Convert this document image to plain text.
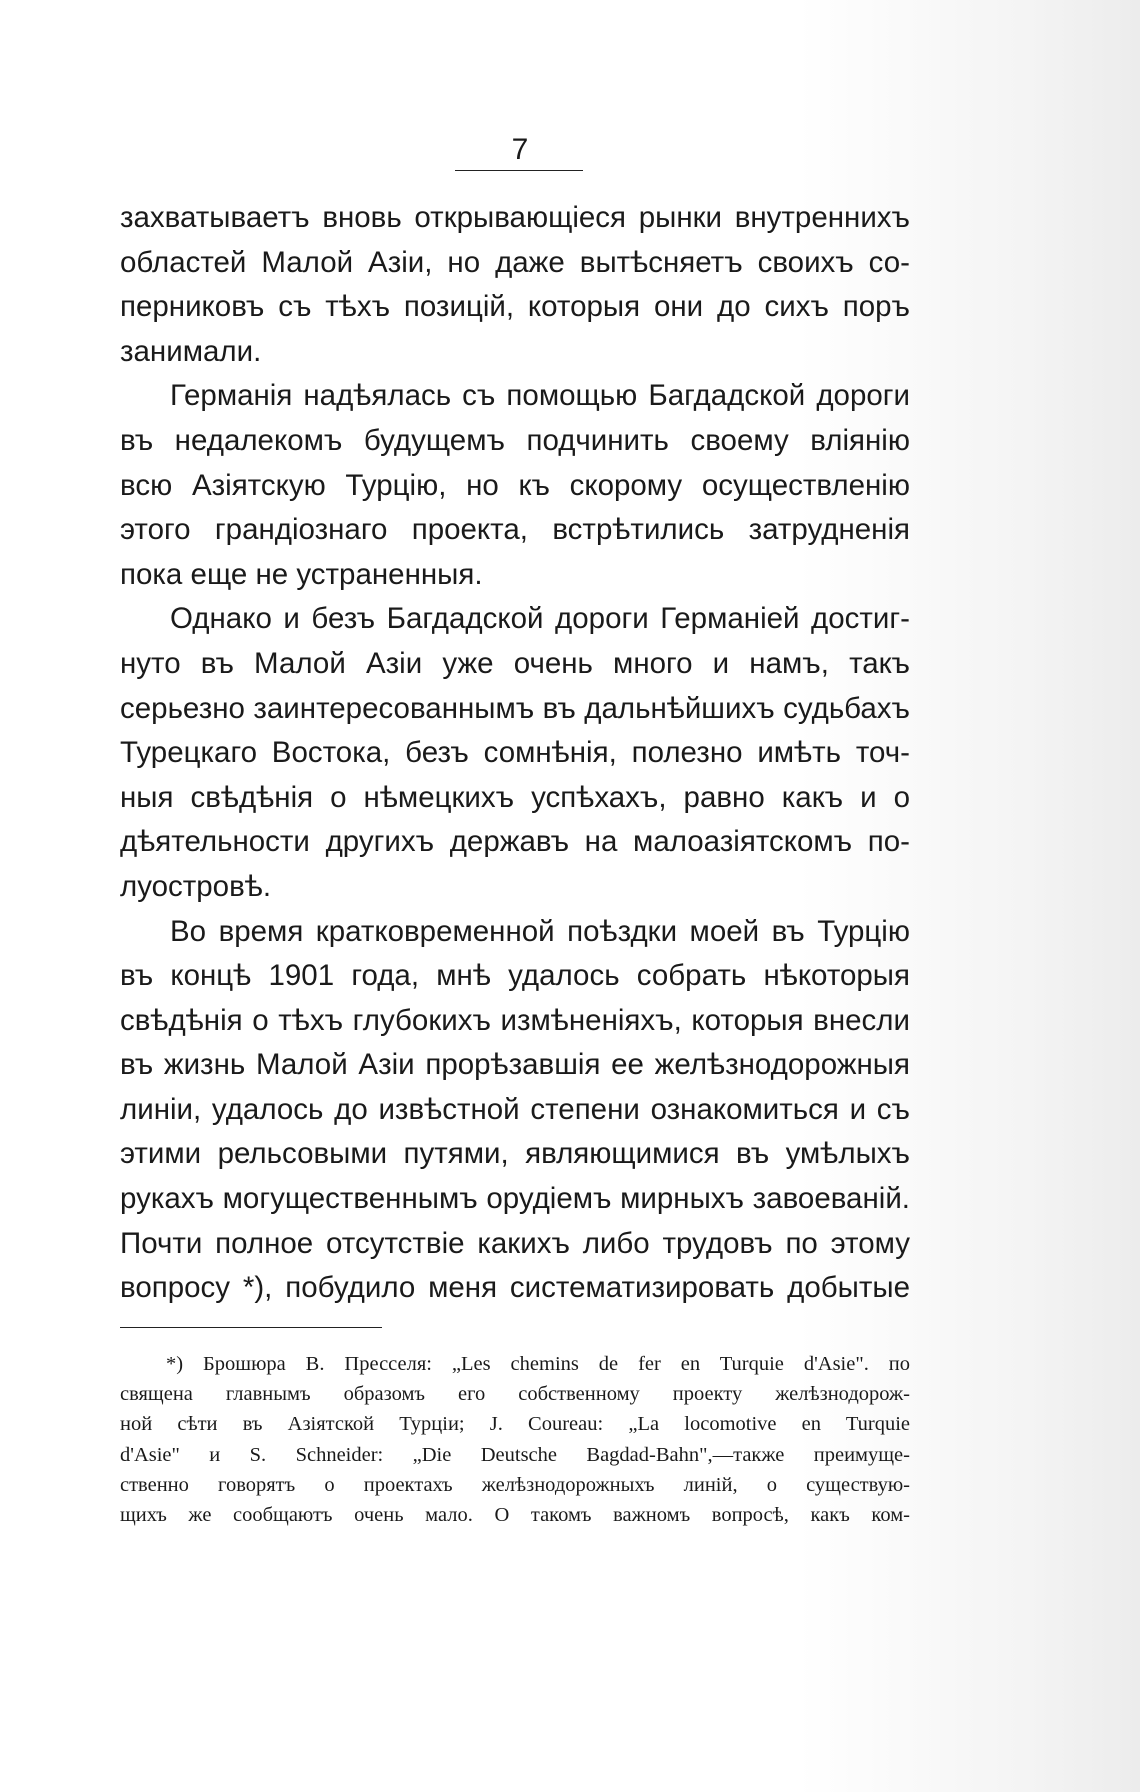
7
захватываетъ вновь открывающіеся рынки внутреннихъ
областей Малой Азіи, но даже вытѣсняетъ своихъ со-
перниковъ съ тѣхъ позицій, которыя они до сихъ поръ
занимали.
Германія надѣялась съ помощью Багдадской дороги
въ недалекомъ будущемъ подчинить своему вліянію
всю Азіятскую Турцію, но къ скорому осуществленію
этого грандіознаго проекта, встрѣтились затрудненія
пока еще не устраненныя.
Однако и безъ Багдадской дороги Германіей достиг-
нуто въ Малой Азіи уже очень много и намъ, такъ
серьезно заинтересованнымъ въ дальнѣйшихъ судьбахъ
Турецкаго Востока, безъ сомнѣнія, полезно имѣть точ-
ныя свѣдѣнія о нѣмецкихъ успѣхахъ, равно какъ и о
дѣятельности другихъ державъ на малоазіятскомъ по-
луостровѣ.
Во время кратковременной поѣздки моей въ Турцію
въ концѣ 1901 года, мнѣ удалось собрать нѣкоторыя
свѣдѣнія о тѣхъ глубокихъ измѣненіяхъ, которыя внесли
въ жизнь Малой Азіи прорѣзавшія ее желѣзнодорожныя
линіи, удалось до извѣстной степени ознакомиться и съ
этими рельсовыми путями, являющимися въ умѣлыхъ
рукахъ могущественнымъ орудіемъ мирныхъ завоеваній.
Почти полное отсутствіе какихъ либо трудовъ по этому
вопросу *), побудило меня систематизировать добытые
*) Брошюра В. Пресселя: „Les chemins de fer en Turquie d'Asie". по
священа главнымъ образомъ его собственному проекту желѣзнодорож-
ной сѣти въ Азіятской Турціи; J. Coureau: „La locomotive en Turquie
d'Asie" и S. Schneider: „Die Deutsche Bagdad-Bahn",—также преимуще-
ственно говорятъ о проектахъ желѣзнодорожныхъ линій, о существую-
щихъ же сообщаютъ очень мало. О такомъ важномъ вопросѣ, какъ ком-
